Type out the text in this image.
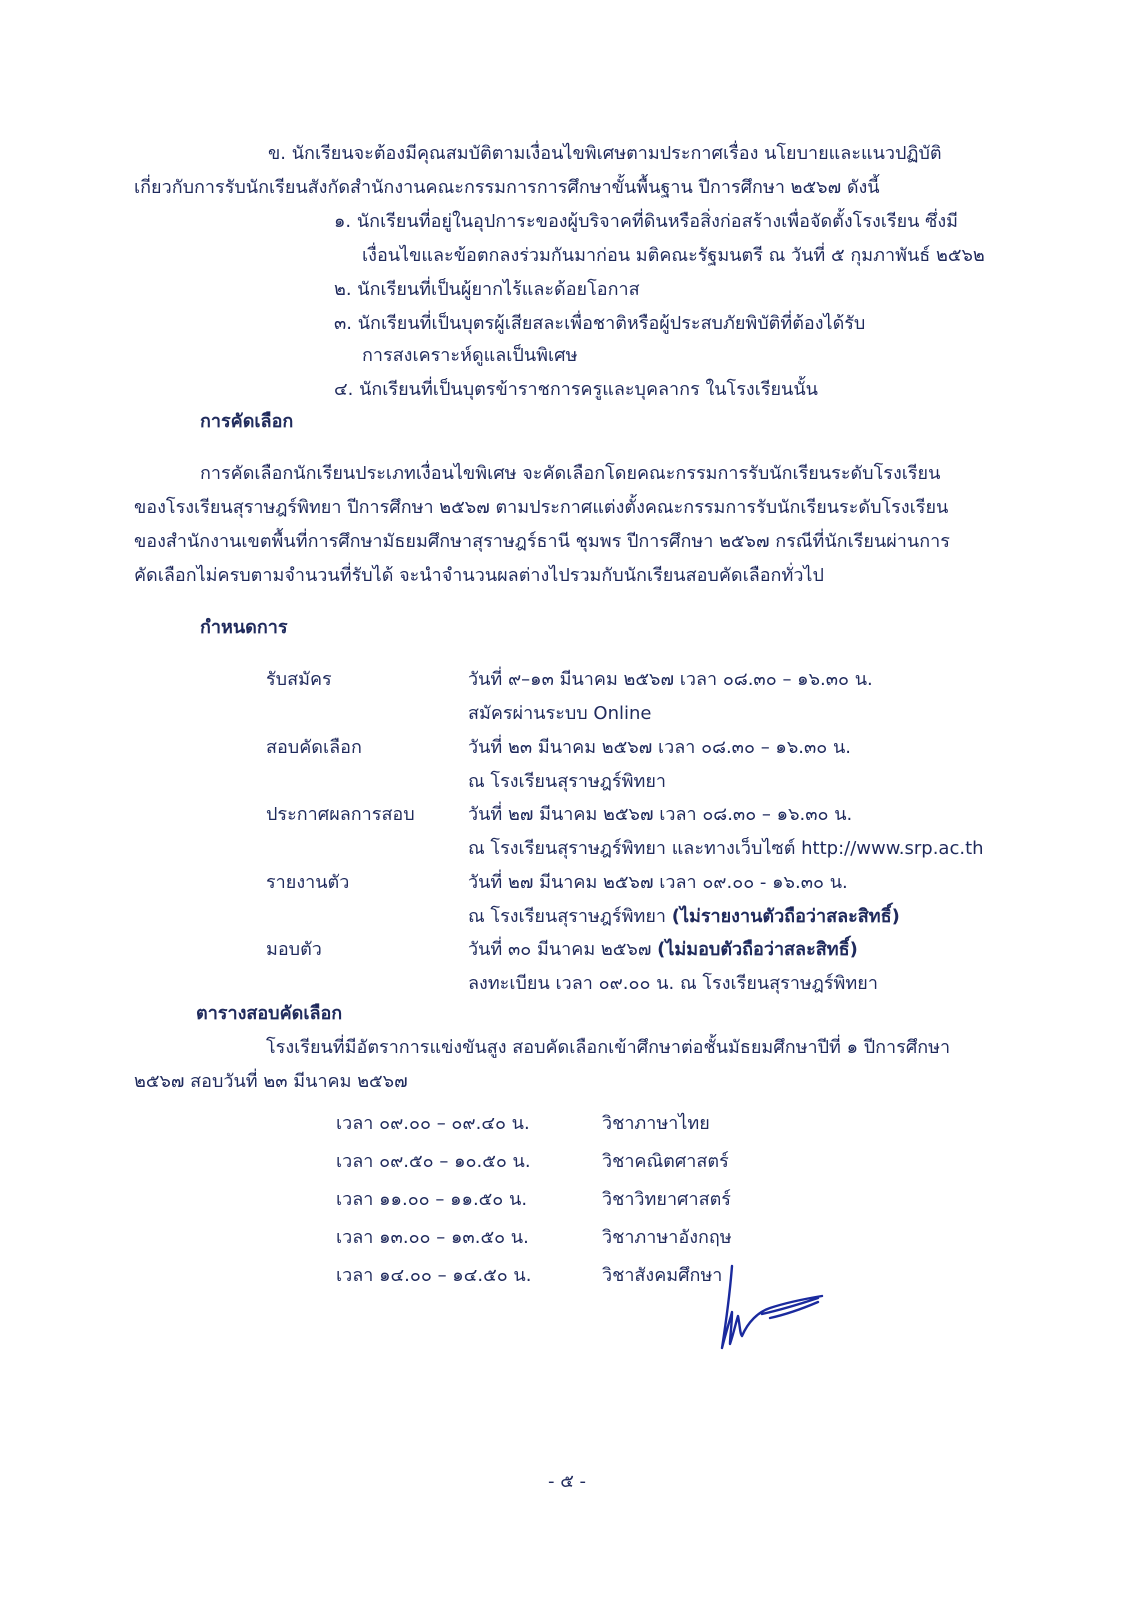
ข. นักเรียนจะต้องมีคุณสมบัติตามเงื่อนไขพิเศษตามประกาศเรื่อง นโยบายและแนวปฏิบัติ
เกี่ยวกับการรับนักเรียนสังกัดสำนักงานคณะกรรมการการศึกษาขั้นพื้นฐาน ปีการศึกษา ๒๕๖๗ ดังนี้
๑. นักเรียนที่อยู่ในอุปการะของผู้บริจาคที่ดินหรือสิ่งก่อสร้างเพื่อจัดตั้งโรงเรียน ซึ่งมี
เงื่อนไขและข้อตกลงร่วมกันมาก่อน มติคณะรัฐมนตรี ณ วันที่ ๕ กุมภาพันธ์ ๒๕๖๒
๒. นักเรียนที่เป็นผู้ยากไร้และด้อยโอกาส
๓. นักเรียนที่เป็นบุตรผู้เสียสละเพื่อชาติหรือผู้ประสบภัยพิบัติที่ต้องได้รับ
การสงเคราะห์ดูแลเป็นพิเศษ
๔. นักเรียนที่เป็นบุตรข้าราชการครูและบุคลากร ในโรงเรียนนั้น
การคัดเลือก
การคัดเลือกนักเรียนประเภทเงื่อนไขพิเศษ จะคัดเลือกโดยคณะกรรมการรับนักเรียนระดับโรงเรียน
ของโรงเรียนสุราษฎร์พิทยา ปีการศึกษา ๒๕๖๗ ตามประกาศแต่งตั้งคณะกรรมการรับนักเรียนระดับโรงเรียน
ของสำนักงานเขตพื้นที่การศึกษามัธยมศึกษาสุราษฎร์ธานี ชุมพร ปีการศึกษา ๒๕๖๗ กรณีที่นักเรียนผ่านการ
คัดเลือกไม่ครบตามจำนวนที่รับได้ จะนำจำนวนผลต่างไปรวมกับนักเรียนสอบคัดเลือกทั่วไป
กำหนดการ
รับสมัคร	วันที่ ๙–๑๓ มีนาคม ๒๕๖๗ เวลา ๐๘.๓๐ – ๑๖.๓๐ น.
สมัครผ่านระบบ Online
สอบคัดเลือก	วันที่ ๒๓ มีนาคม ๒๕๖๗ เวลา ๐๘.๓๐ – ๑๖.๓๐ น.
ณ โรงเรียนสุราษฎร์พิทยา
ประกาศผลการสอบ	วันที่ ๒๗ มีนาคม ๒๕๖๗ เวลา ๐๘.๓๐ – ๑๖.๓๐ น.
ณ โรงเรียนสุราษฎร์พิทยา และทางเว็บไซต์ http://www.srp.ac.th
รายงานตัว	วันที่ ๒๗ มีนาคม ๒๕๖๗ เวลา ๐๙.๐๐ - ๑๖.๓๐ น.
ณ โรงเรียนสุราษฎร์พิทยา (ไม่รายงานตัวถือว่าสละสิทธิ์)
มอบตัว	วันที่ ๓๐ มีนาคม ๒๕๖๗ (ไม่มอบตัวถือว่าสละสิทธิ์)
ลงทะเบียน เวลา ๐๙.๐๐ น. ณ โรงเรียนสุราษฎร์พิทยา
ตารางสอบคัดเลือก
โรงเรียนที่มีอัตราการแข่งขันสูง สอบคัดเลือกเข้าศึกษาต่อชั้นมัธยมศึกษาปีที่ ๑ ปีการศึกษา
๒๕๖๗ สอบวันที่ ๒๓ มีนาคม ๒๕๖๗
เวลา ๐๙.๐๐ – ๐๙.๔๐ น.	วิชาภาษาไทย
เวลา ๐๙.๕๐ – ๑๐.๕๐ น.	วิชาคณิตศาสตร์
เวลา ๑๑.๐๐ – ๑๑.๕๐ น.	วิชาวิทยาศาสตร์
เวลา ๑๓.๐๐ – ๑๓.๕๐ น.	วิชาภาษาอังกฤษ
เวลา ๑๔.๐๐ – ๑๔.๕๐ น.	วิชาสังคมศึกษา
- ๕ -
